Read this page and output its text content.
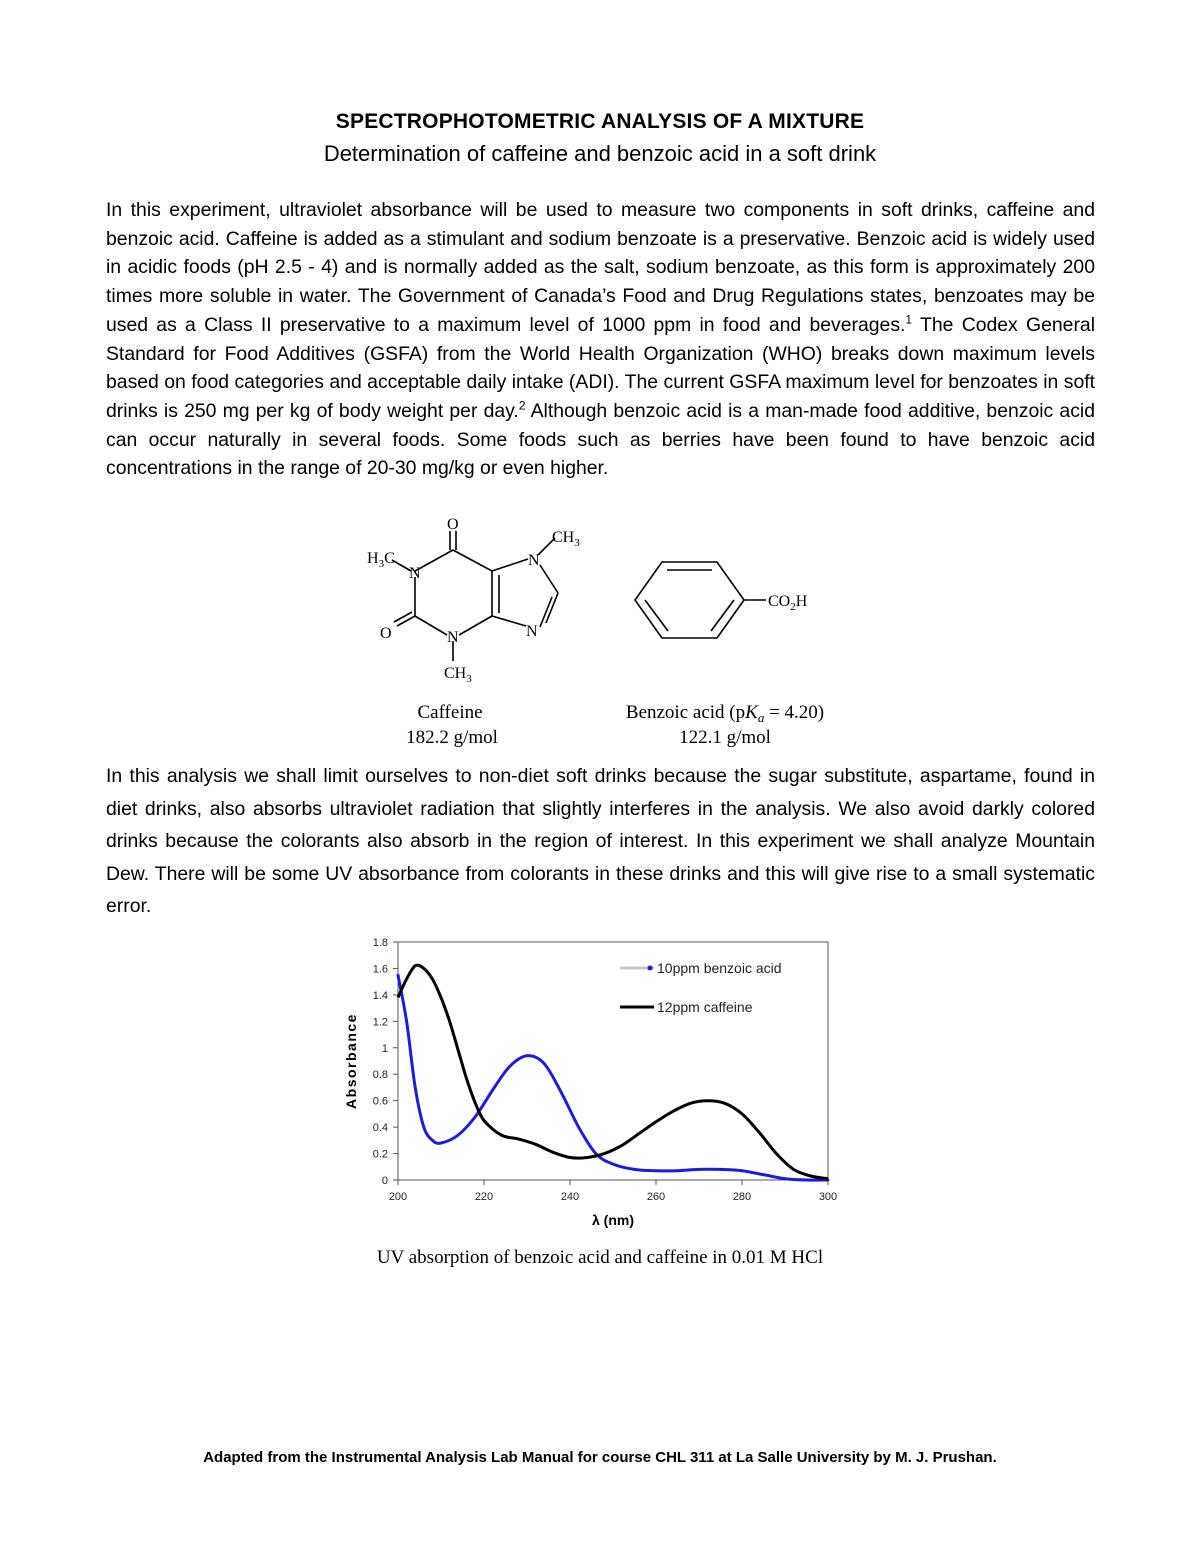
SPECTROPHOTOMETRIC ANALYSIS OF A MIXTURE
Determination of caffeine and benzoic acid in a soft drink

In this experiment, ultraviolet absorbance will be used to measure two components in soft drinks, caffeine and benzoic acid. Caffeine is added as a stimulant and sodium benzoate is a preservative. Benzoic acid is widely used in acidic foods (pH 2.5 - 4) and is normally added as the salt, sodium benzoate, as this form is approximately 200 times more soluble in water. The Government of Canada’s Food and Drug Regulations states, benzoates may be used as a Class II preservative to a maximum level of 1000 ppm in food and beverages.$^1$ The Codex General Standard for Food Additives (GSFA) from the World Health Organization (WHO) breaks down maximum levels based on food categories and acceptable daily intake (ADI). The current GSFA maximum level for benzoates in soft drinks is 250 mg per kg of body weight per day.$^2$ Although benzoic acid is a man-made food additive, benzoic acid can occur naturally in several foods. Some foods such as berries have been found to have benzoic acid concentrations in the range of 20-30 mg/kg or even higher.

O
O
N
N
N
N
$H_3C$
$CH_3$
$CH_3$
$CO_2H$
Caffeine
182.2 g/mol
Benzoic acid $(pK_a = 4.20)$
122.1 g/mol

In this analysis we shall limit ourselves to non-diet soft drinks because the sugar substitute, aspartame, found in diet drinks, also absorbs ultraviolet radiation that slightly interferes in the analysis. We also avoid darkly colored drinks because the colorants also absorb in the region of interest. In this experiment we shall analyze Mountain Dew. There will be some UV absorbance from colorants in these drinks and this will give rise to a small systematic error.

200	220	240	260	280	300
0
0.2
0.4
0.6
0.8
1
1.2
1.4
1.6
1.8
10ppm benzoic acid
12ppm caffeine
λ (nm)
Absorbance
UV absorption of benzoic acid and caffeine in 0.01 M HCl
Adapted from the Instrumental Analysis Lab Manual for course CHL 311 at La Salle University by M. J. Prushan.
